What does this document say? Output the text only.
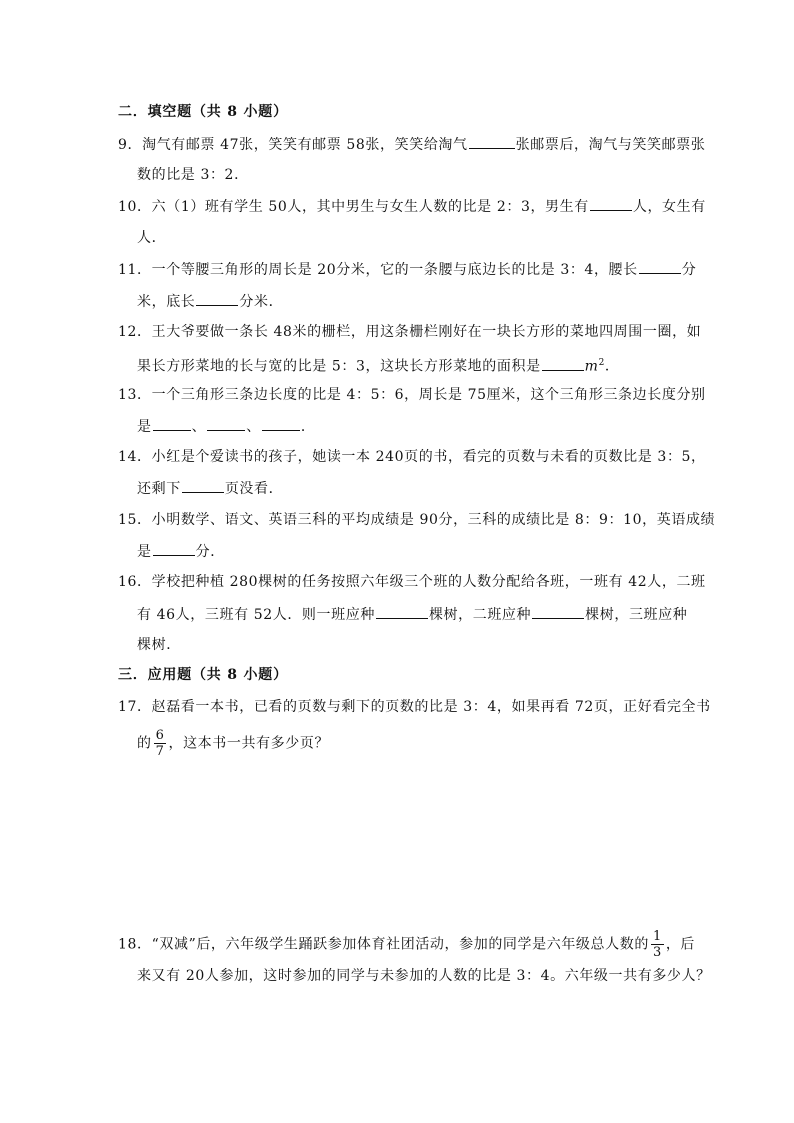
二．填空题（共 8 小题）
9．淘气有邮票 47张，笑笑有邮票 58张，笑笑给淘气	张邮票后，淘气与笑笑邮票张
数的比是 3：2．
10．六（1）班有学生 50人，其中男生与女生人数的比是 2：3，男生有	人，女生有
人．
11．一个等腰三角形的周长是 20分米，它的一条腰与底边长的比是 3：4，腰长	分
米，底长	分米．
12．王大爷要做一条长 48米的栅栏，用这条栅栏刚好在一块长方形的菜地四周围一圈，如
果长方形菜地的长与宽的比是 5：3，这块长方形菜地的面积是	$m^2$．
13．一个三角形三条边长度的比是 4：5：6，周长是 75厘米，这个三角形三条边长度分别
是	、	、	．
14．小红是个爱读书的孩子，她读一本 240页的书，看完的页数与未看的页数比是 3：5，
还剩下	页没看．
15．小明数学、语文、英语三科的平均成绩是 90分，三科的成绩比是 8：9：10，英语成绩
是	分．
16．学校把种植 280棵树的任务按照六年级三个班的人数分配给各班，一班有 42人，二班
有 46人，三班有 52人．则一班应种	棵树，二班应种	棵树，三班应种
棵树．
三．应用题（共 8 小题）
17．赵磊看一本书，已看的页数与剩下的页数的比是 3：4，如果再看 72页，正好看完全书
的 $\frac{6}{7}$ ，这本书一共有多少页？
18．“双减”后，六年级学生踊跃参加体育社团活动，参加的同学是六年级总人数的 $\frac{1}{3}$ ，后
来又有 20人参加，这时参加的同学与未参加的人数的比是 3：4。六年级一共有多少人？
